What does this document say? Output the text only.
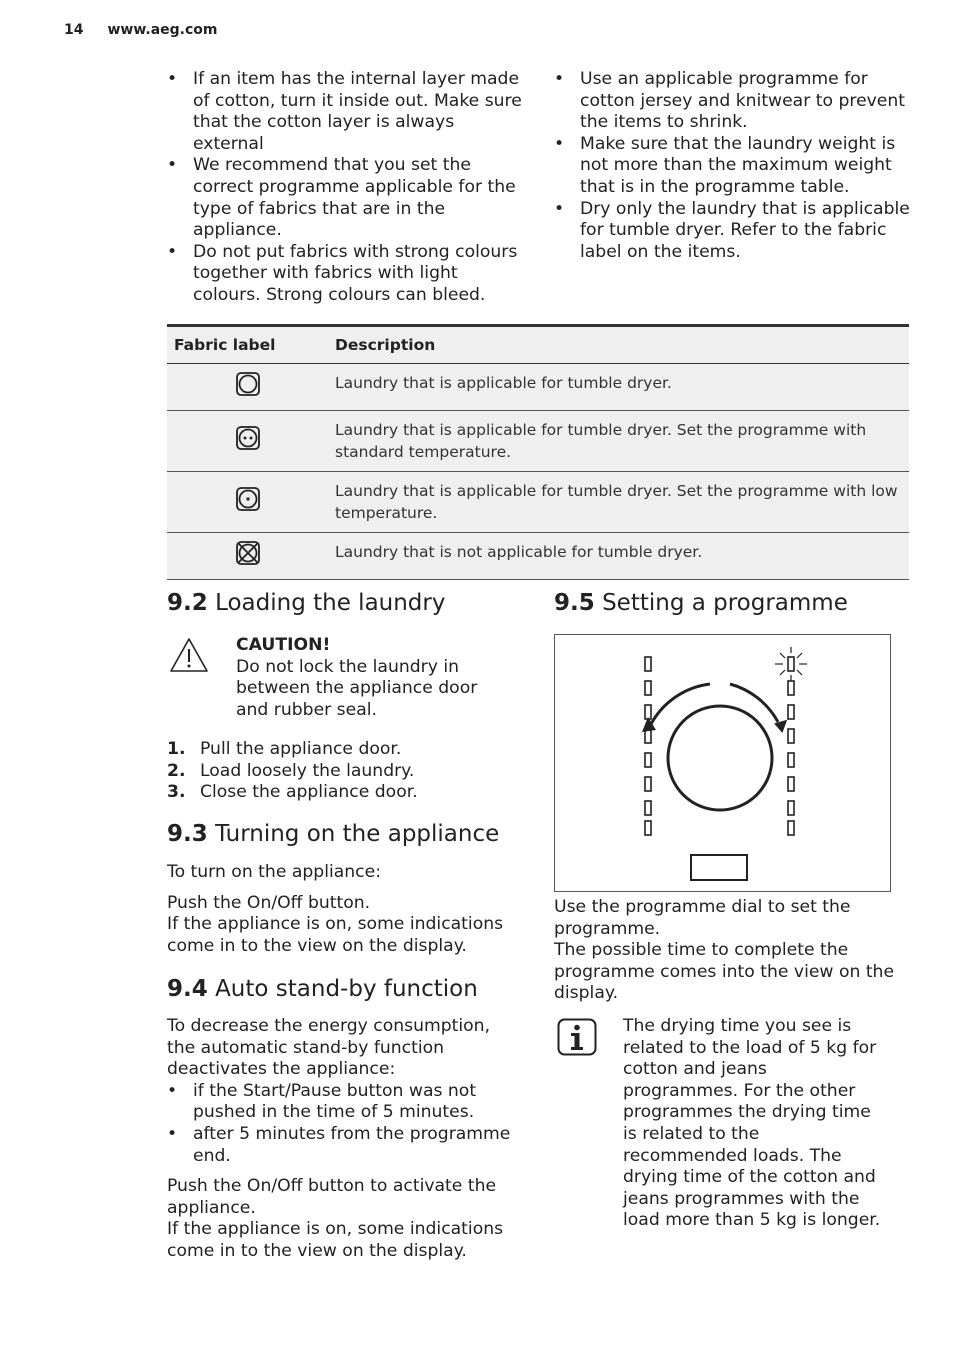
14 www.aeg.com
• If an item has the internal layer made of cotton, turn it inside out. Make sure that the cotton layer is always external
• We recommend that you set the correct programme applicable for the type of fabrics that are in the appliance.
• Do not put fabrics with strong colours together with fabrics with light colours. Strong colours can bleed.
• Use an applicable programme for cotton jersey and knitwear to prevent the items to shrink.
• Make sure that the laundry weight is not more than the maximum weight that is in the programme table.
• Dry only the laundry that is applicable for tumble dryer. Refer to the fabric label on the items.
Fabric label	Description
	Laundry that is applicable for tumble dryer.
	Laundry that is applicable for tumble dryer. Set the programme with standard temperature.
	Laundry that is applicable for tumble dryer. Set the programme with low temperature.
	Laundry that is not applicable for tumble dryer.
9.2 Loading the laundry
CAUTION!
Do not lock the laundry in between the appliance door and rubber seal.
1. Pull the appliance door.
2. Load loosely the laundry.
3. Close the appliance door.
9.3 Turning on the appliance

To turn on the appliance:

Push the On/Off button.

If the appliance is on, some indications come in to the view on the display.

9.4 Auto stand-by function

To decrease the energy consumption, the automatic stand-by function deactivates the appliance:

• if the Start/Pause button was not pushed in the time of 5 minutes.
• after 5 minutes from the programme end.

Push the On/Off button to activate the appliance.

If the appliance is on, some indications come in to the view on the display.

9.5 Setting a programme

Use the programme dial to set the programme.

The possible time to complete the programme comes into the view on the display.

The drying time you see is related to the load of 5 kg for cotton and jeans programmes. For the other programmes the drying time is related to the recommended loads. The drying time of the cotton and jeans programmes with the load more than 5 kg is longer.
